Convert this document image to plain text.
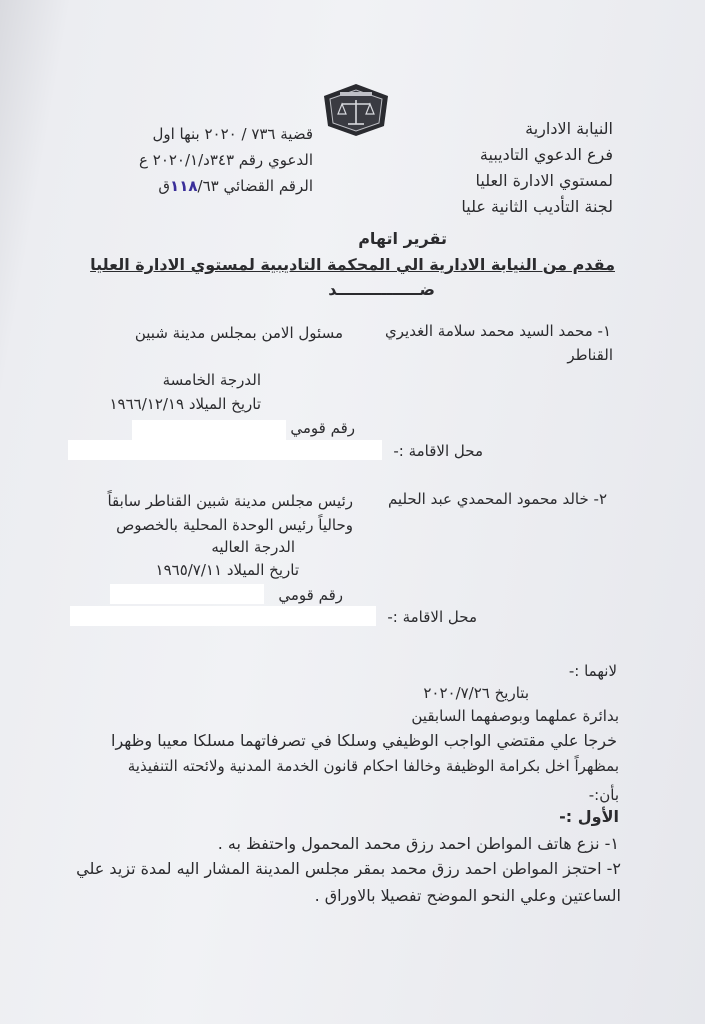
النيابة الادارية
فرع الدعوي التاديبية
لمستوي الادارة العليا
لجنة التأديب الثانية عليا
قضية ٧٣٦ / ٢٠٢٠ بنها اول
الدعوي رقم ٣٤٣د/٢٠٢٠/١ ع
الرقم القضائي ١١٨/٦٣ق
تقرير اتهام
مقدم من النيابة الادارية الي المحكمة التاديبية لمستوي الادارة العليا
ضـــــــــــــــد
١- محمد السيد محمد سلامة الغديري
مسئول الامن بمجلس مدينة شبين
القناطر
الدرجة الخامسة
تاريخ الميلاد ١٩٦٦/١٢/١٩
رقم قومي
محل الاقامة :-
٢- خالد محمود المحمدي عبد الحليم
رئيس مجلس مدينة شبين القناطر سابقاً
وحالياً رئيس الوحدة المحلية بالخصوص
الدرجة العاليه
تاريخ الميلاد ١٩٦٥/٧/١١
رقم قومي
محل الاقامة :-
لانهما :-
بتاريخ ٢٠٢٠/٧/٢٦
بدائرة عملهما وبوصفهما السابقين
خرجا علي مقتضي الواجب الوظيفي وسلكا في تصرفاتهما مسلكا معيبا وظهرا
بمظهراً اخل بكرامة الوظيفة وخالفا احكام قانون الخدمة المدنية ولائحته التنفيذية
بأن:-
الأول :-
١- نزع هاتف المواطن احمد رزق محمد المحمول واحتفظ به .
٢- احتجز المواطن احمد رزق محمد بمقر مجلس المدينة المشار اليه لمدة تزيد علي
الساعتين وعلي النحو الموضح تفصيلا بالاوراق .
